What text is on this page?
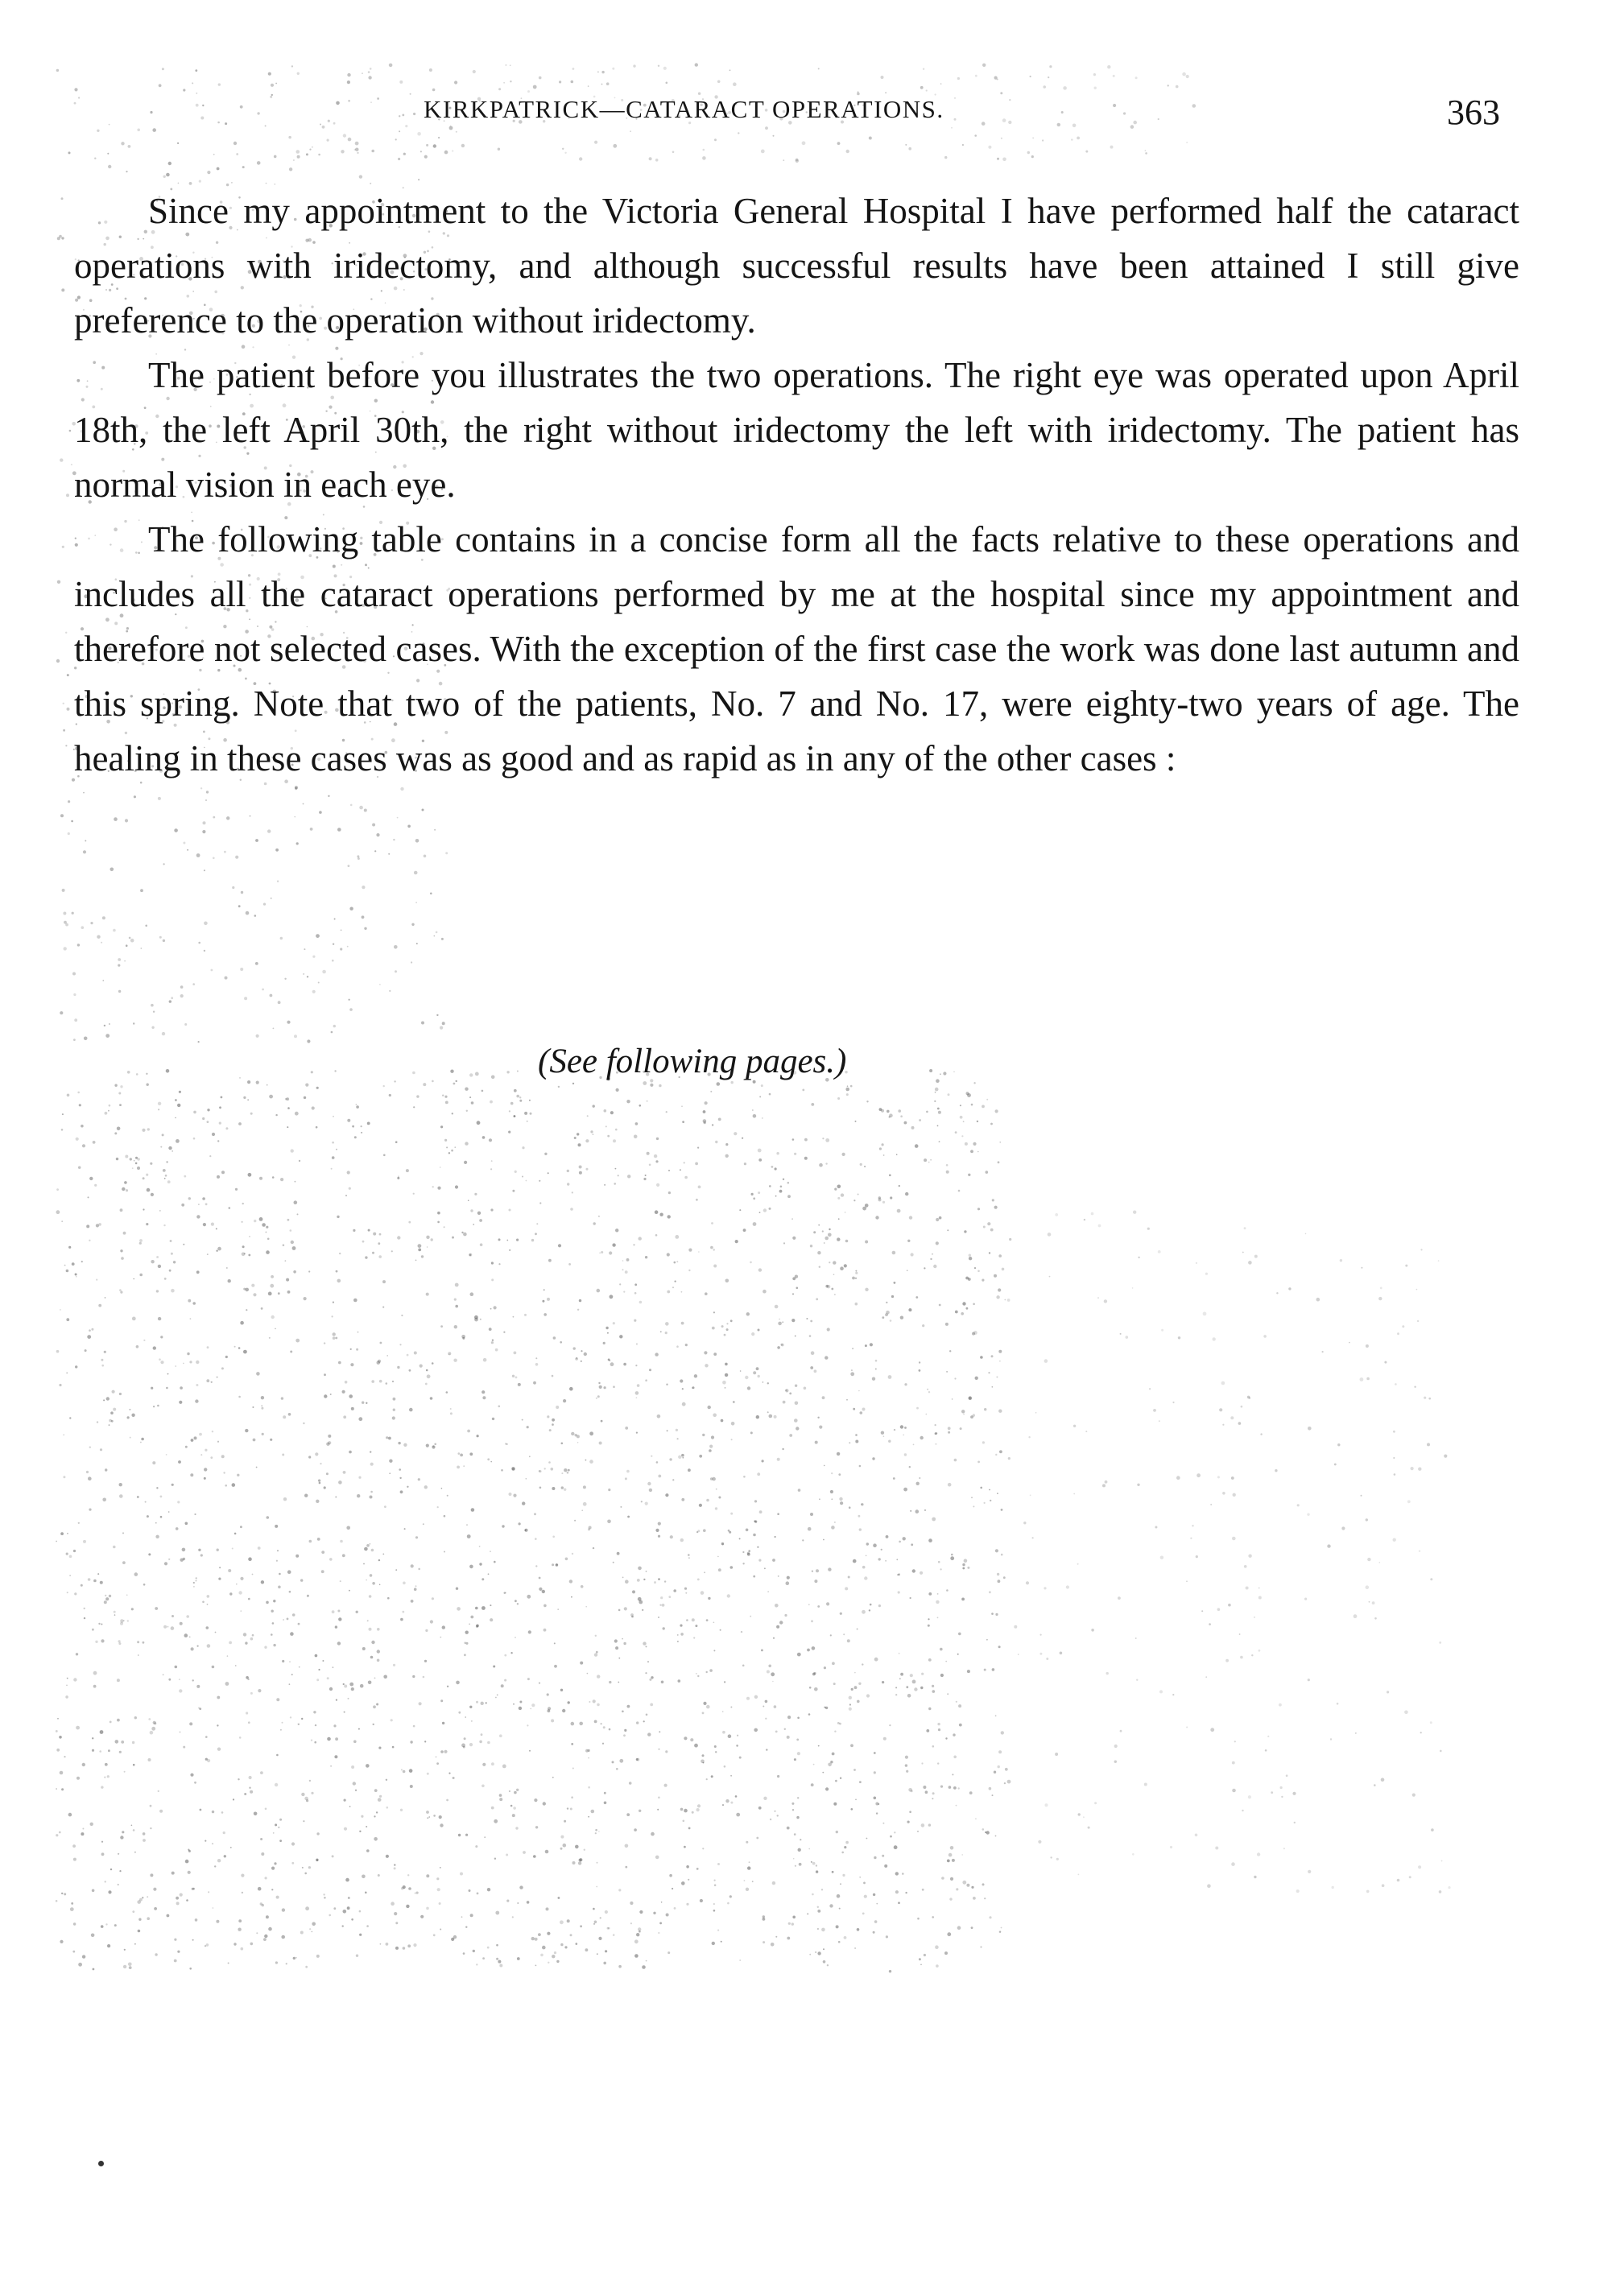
KIRKPATRICK—CATARACT OPERATIONS.	363

Since my appointment to the Victoria General Hospital I have performed half the cataract operations with iridectomy, and although successful results have been attained I still give preference to the operation without iridectomy.

The patient before you illustrates the two operations. The right eye was operated upon April 18th, the left April 30th, the right without iridectomy the left with iridectomy. The patient has normal vision in each eye.

The following table contains in a concise form all the facts relative to these operations and includes all the cataract operations performed by me at the hospital since my appointment and therefore not selected cases. With the exception of the first case the work was done last autumn and this spring. Note that two of the patients, No. 7 and No. 17, were eighty-two years of age. The healing in these cases was as good and as rapid as in any of the other cases :

(See following pages.)
